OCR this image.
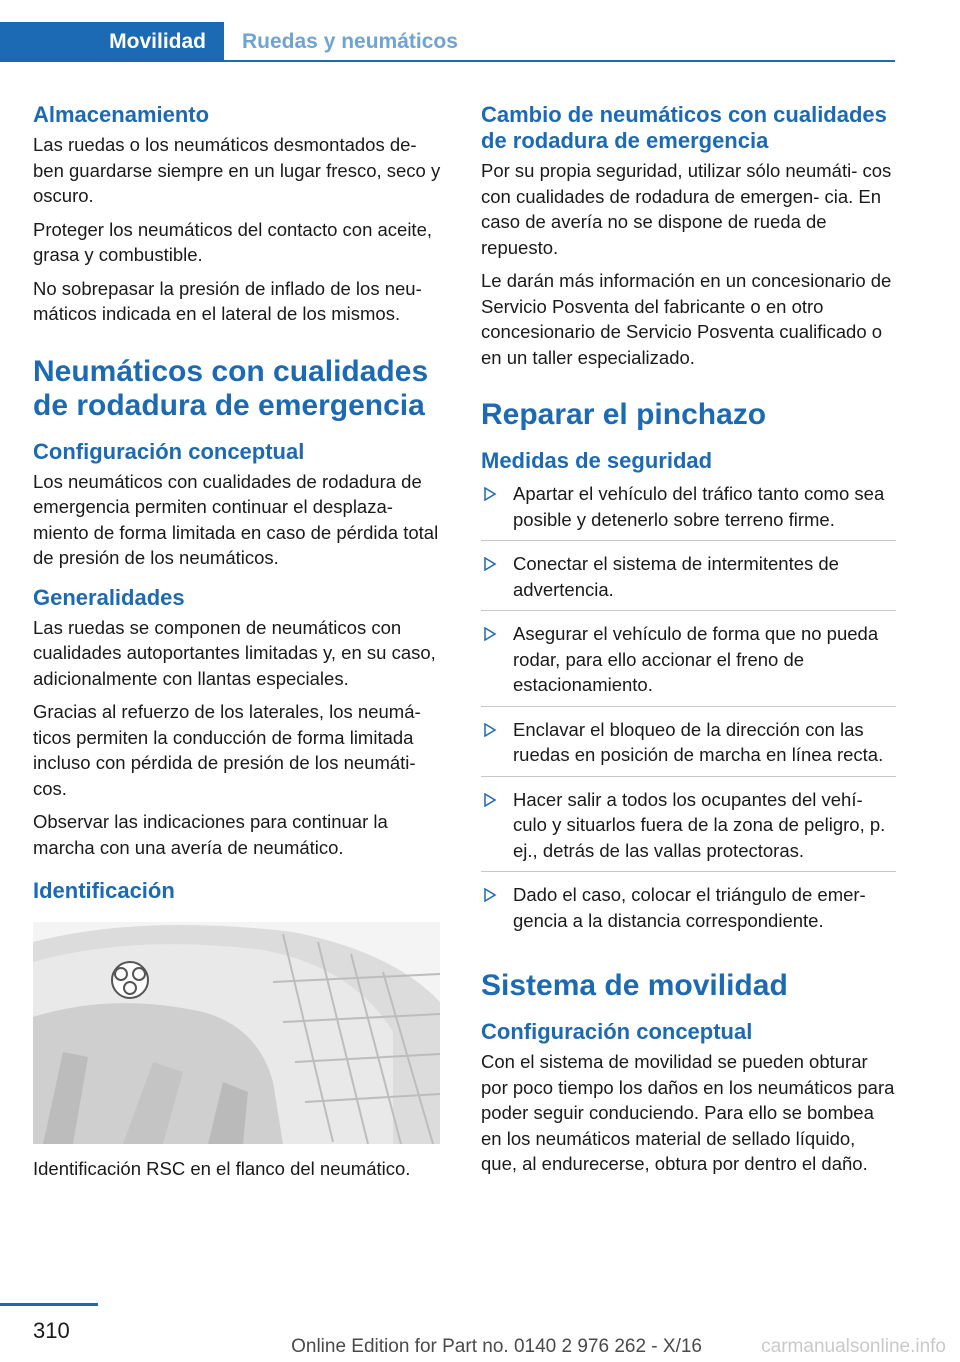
Movilidad	Ruedas y neumáticos
Almacenamiento

Las ruedas o los neumáticos desmontados de‐ ben guardarse siempre en un lugar fresco, seco y oscuro.

Proteger los neumáticos del contacto con aceite, grasa y combustible.

No sobrepasar la presión de inflado de los neu‐ máticos indicada en el lateral de los mismos.

Neumáticos con cualidades de rodadura de emergencia
Configuración conceptual

Los neumáticos con cualidades de rodadura de emergencia permiten continuar el desplaza‐ miento de forma limitada en caso de pérdida total de presión de los neumáticos.

Generalidades

Las ruedas se componen de neumáticos con cualidades autoportantes limitadas y, en su caso, adicionalmente con llantas especiales.

Gracias al refuerzo de los laterales, los neumá‐ ticos permiten la conducción de forma limitada incluso con pérdida de presión de los neumáti‐ cos.

Observar las indicaciones para continuar la marcha con una avería de neumático.

Identificación
Identificación RSC en el flanco del neumático.
Cambio de neumáticos con cualidades de rodadura de emergencia

Por su propia seguridad, utilizar sólo neumáti‐ cos con cualidades de rodadura de emergen‐ cia. En caso de avería no se dispone de rueda de repuesto.

Le darán más información en un concesionario de Servicio Posventa del fabricante o en otro concesionario de Servicio Posventa cualificado o en un taller especializado.

Reparar el pinchazo
Medidas de seguridad
Apartar el vehículo del tráfico tanto como sea posible y detenerlo sobre terreno firme.
Conectar el sistema de intermitentes de advertencia.
Asegurar el vehículo de forma que no pueda rodar, para ello accionar el freno de estacionamiento.
Enclavar el bloqueo de la dirección con las ruedas en posición de marcha en línea recta.
Hacer salir a todos los ocupantes del vehí‐ culo y situarlos fuera de la zona de peligro, p. ej., detrás de las vallas protectoras.
Dado el caso, colocar el triángulo de emer‐ gencia a la distancia correspondiente.
Sistema de movilidad
Configuración conceptual

Con el sistema de movilidad se pueden obturar por poco tiempo los daños en los neumáticos para poder seguir conduciendo. Para ello se bombea en los neumáticos material de sellado líquido, que, al endurecerse, obtura por dentro el daño.

310
Online Edition for Part no. 0140 2 976 262 - X/16	carmanualsonline.info
